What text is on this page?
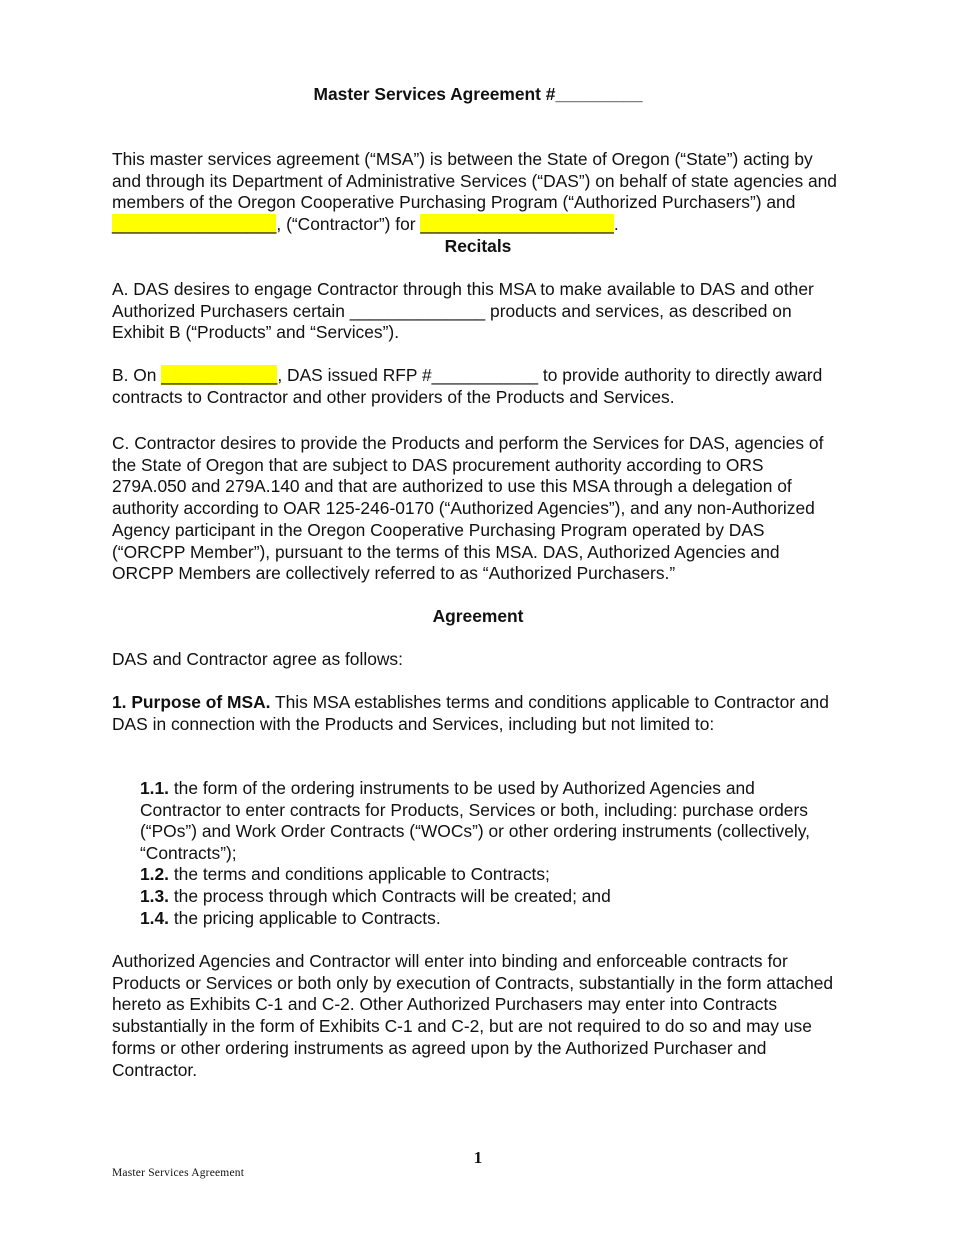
Master Services Agreement #_________
This master services agreement (“MSA”) is between the State of Oregon (“State”) acting by and through its Department of Administrative Services (“DAS”) on behalf of state agencies and members of the Oregon Cooperative Purchasing Program (“Authorized Purchasers”) and _________________, (“Contractor”) for ____________________.
Recitals
A. DAS desires to engage Contractor through this MSA to make available to DAS and other Authorized Purchasers certain ______________ products and services, as described on Exhibit B (“Products” and “Services”).
B. On ____________, DAS issued RFP #___________ to provide authority to directly award contracts to Contractor and other providers of the Products and Services.
C. Contractor desires to provide the Products and perform the Services for DAS, agencies of the State of Oregon that are subject to DAS procurement authority according to ORS 279A.050 and 279A.140 and that are authorized to use this MSA through a delegation of authority according to OAR 125-246-0170 (“Authorized Agencies”), and any non-Authorized Agency participant in the Oregon Cooperative Purchasing Program operated by DAS (“ORCPP Member”), pursuant to the terms of this MSA. DAS, Authorized Agencies and ORCPP Members are collectively referred to as “Authorized Purchasers.”
Agreement
DAS and Contractor agree as follows:
1. Purpose of MSA. This MSA establishes terms and conditions applicable to Contractor and DAS in connection with the Products and Services, including but not limited to:
1.1. the form of the ordering instruments to be used by Authorized Agencies and Contractor to enter contracts for Products, Services or both, including: purchase orders (“POs”) and Work Order Contracts (“WOCs”) or other ordering instruments (collectively, “Contracts”);
1.2. the terms and conditions applicable to Contracts;
1.3. the process through which Contracts will be created; and
1.4. the pricing applicable to Contracts.
Authorized Agencies and Contractor will enter into binding and enforceable contracts for Products or Services or both only by execution of Contracts, substantially in the form attached hereto as Exhibits C-1 and C-2. Other Authorized Purchasers may enter into Contracts substantially in the form of Exhibits C-1 and C-2, but are not required to do so and may use forms or other ordering instruments as agreed upon by the Authorized Purchaser and Contractor.
1
Master Services Agreement
